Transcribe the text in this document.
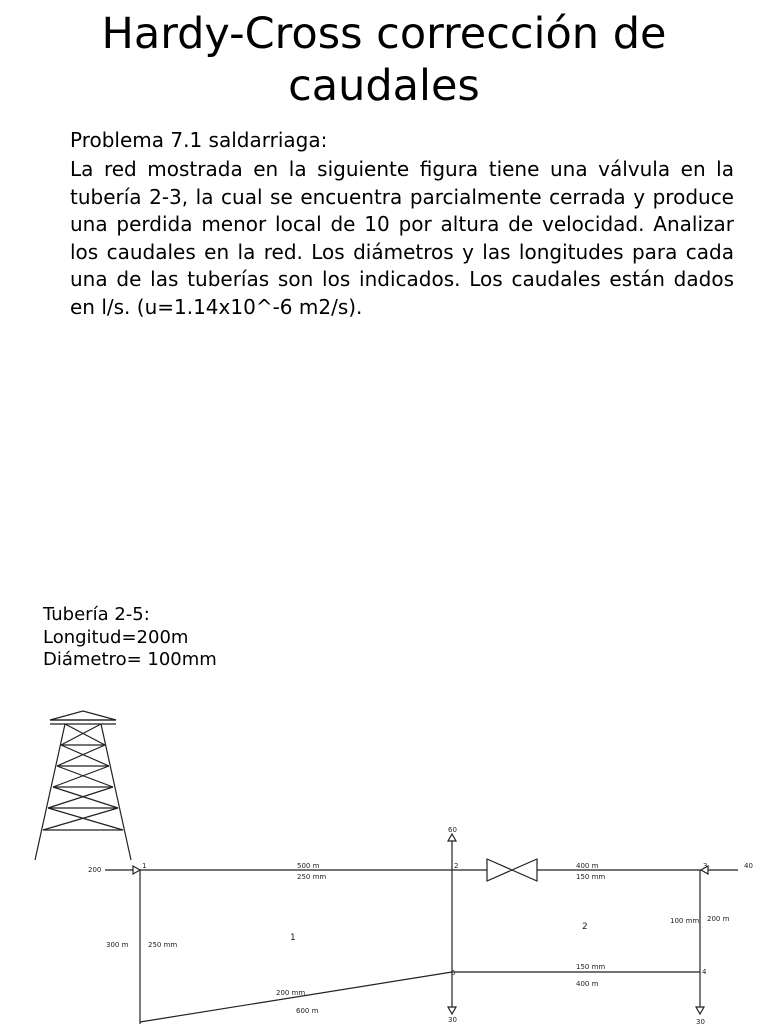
Hardy-Cross corrección de caudales

Problema 7.1 saldarriaga:

La red mostrada en la siguiente figura tiene una válvula en la tubería 2-3, la cual se encuentra parcialmente cerrada y produce una perdida menor local de 10 por altura de velocidad. Analizar los caudales en la red. Los diámetros y las longitudes para cada una de las tuberías son los indicados. Los caudales están dados en l/s. (u=1.14x10^-6 m2/s).

Tubería 2-5:
Longitud=200m
Diámetro= 100mm
200
60
40
30	30
1	2	3
4
5
500 m
250 mm
400 m
150 mm
100 mm 200 m
150 mm
400 m
300 m	250 mm
200 mm
600 m
1
2
